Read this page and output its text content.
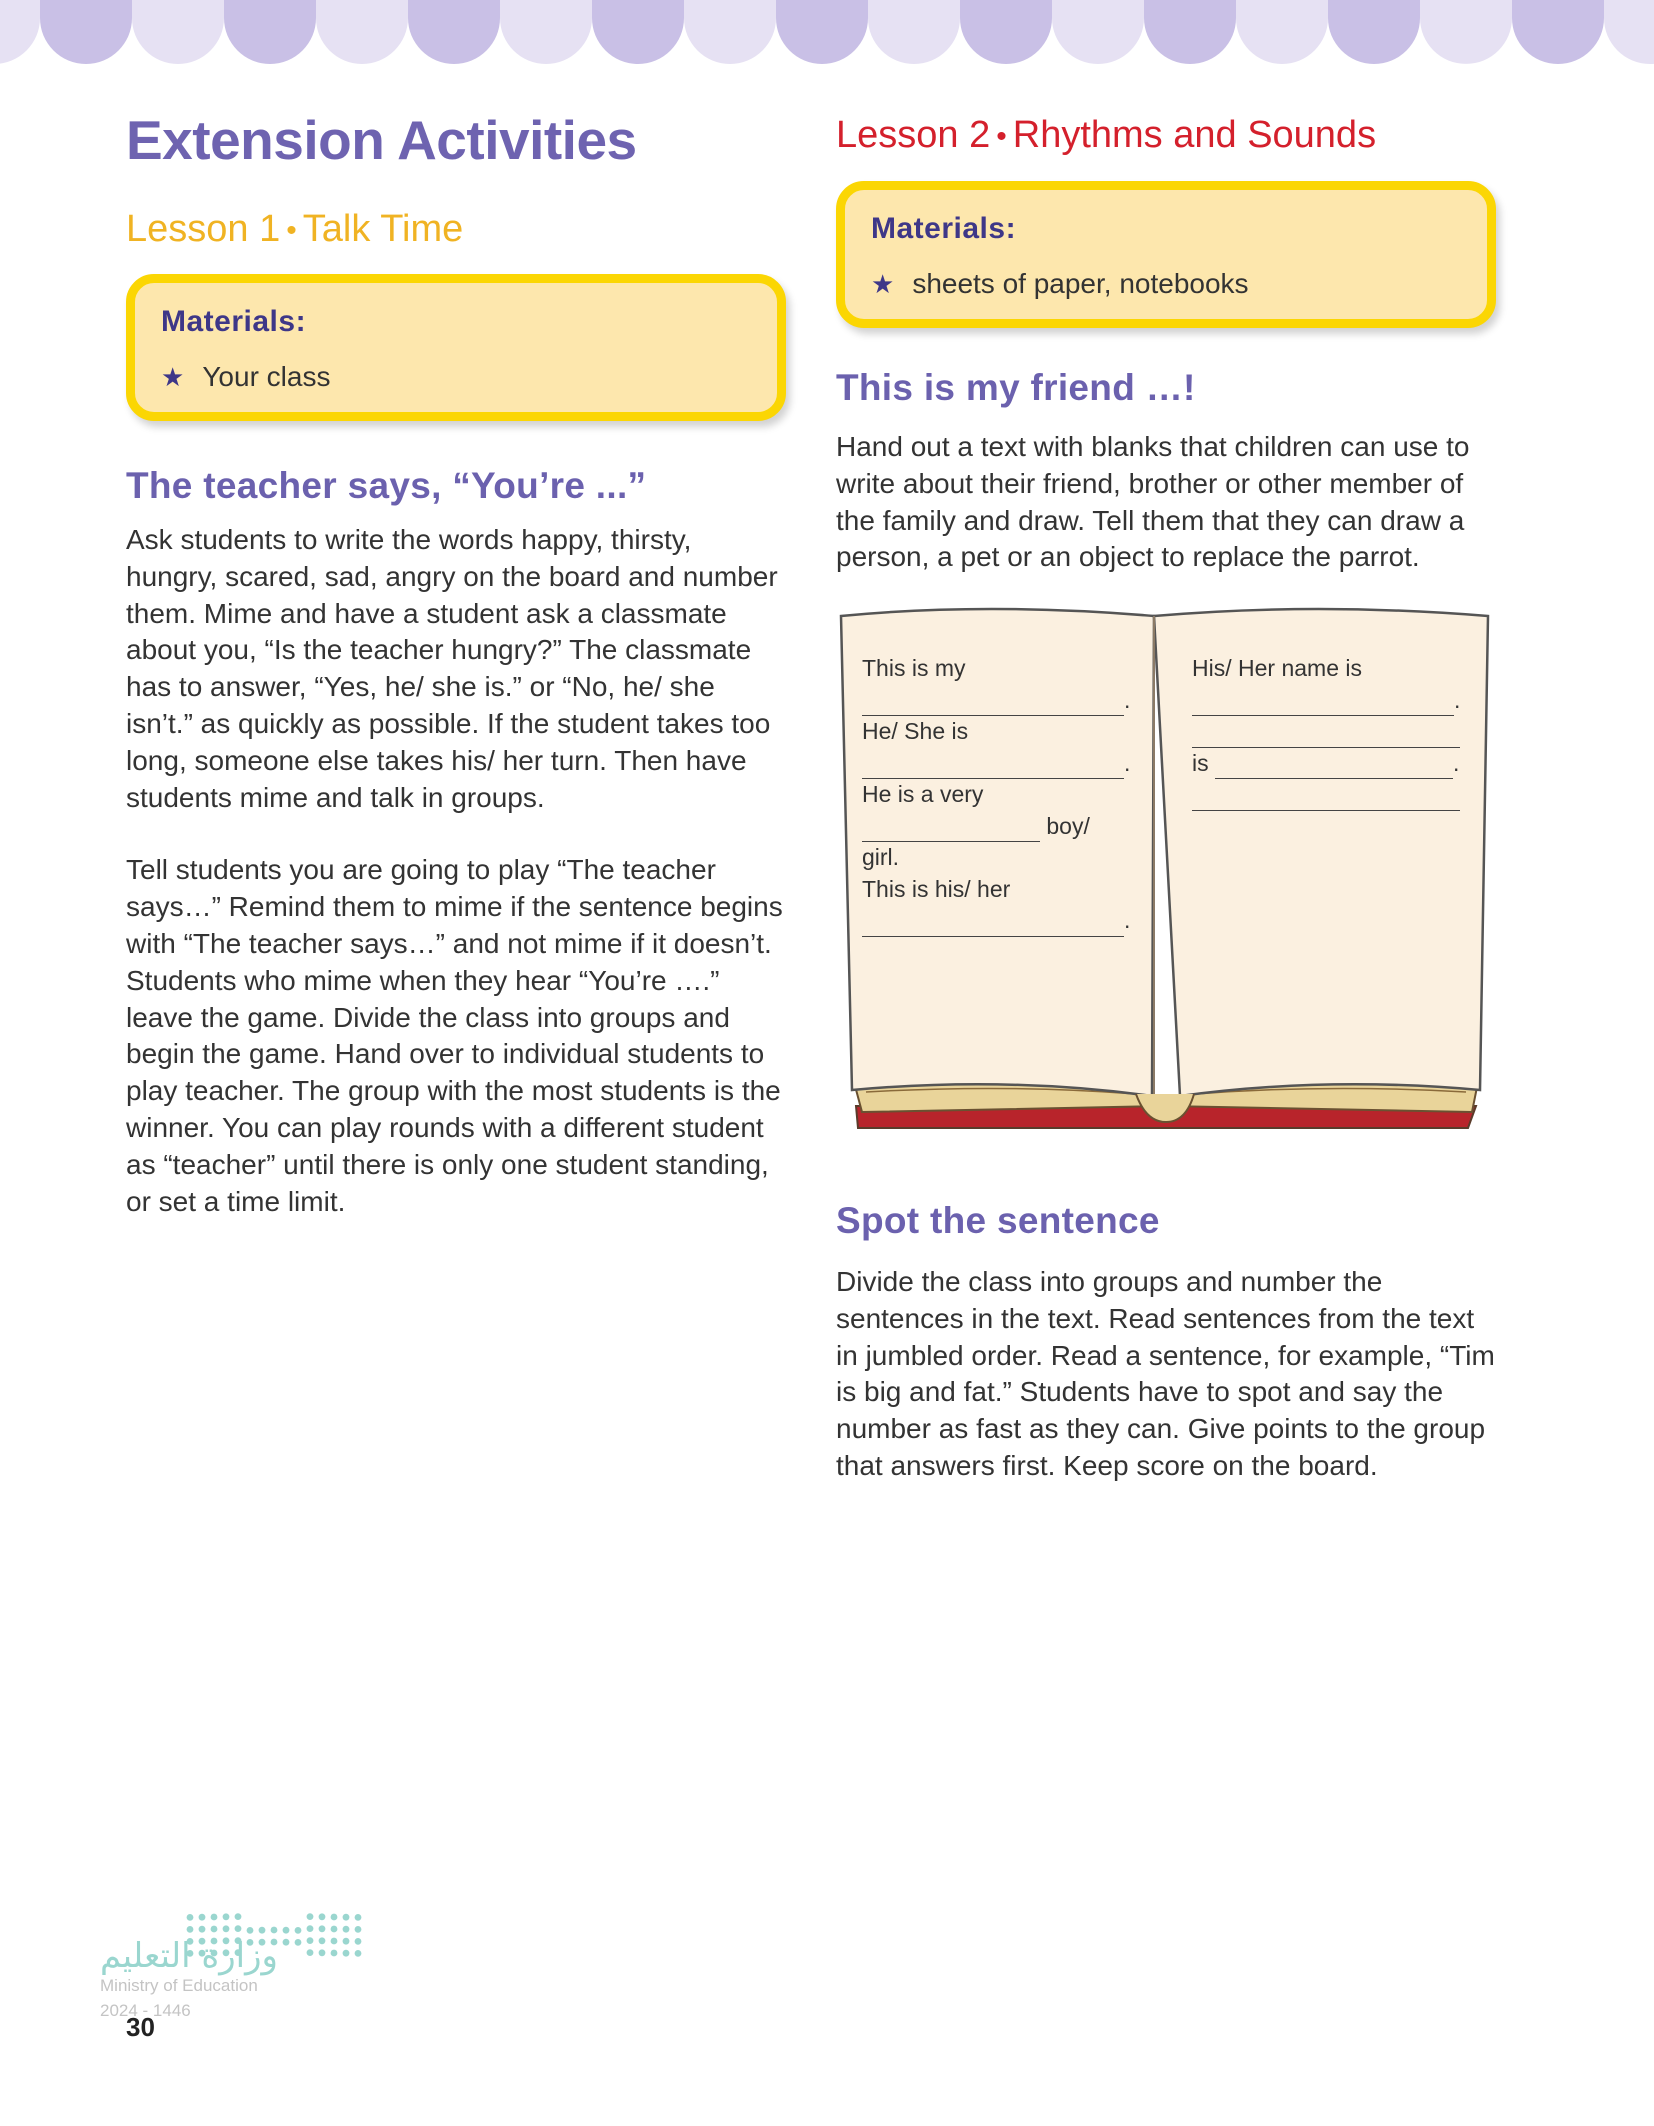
Extension Activities
Lesson 1 • Talk Time

Materials:

★ Your class

The teacher says, “You’re ...”

Ask students to write the words happy, thirsty, hungry, scared, sad, angry on the board and number them. Mime and have a student ask a classmate about you, “Is the teacher hungry?” The classmate has to answer, “Yes, he/ she is.” or “No, he/ she isn’t.” as quickly as possible. If the student takes too long, someone else takes his/ her turn. Then have students mime and talk in groups.

Tell students you are going to play “The teacher says…” Remind them to mime if the sentence begins with “The teacher says…” and not mime if it doesn’t. Students who mime when they hear “You’re ….” leave the game. Divide the class into groups and begin the game. Hand over to individual students to play teacher. The group with the most students is the winner. You can play rounds with a different student as “teacher” until there is only one student standing, or set a time limit.

Lesson 2 • Rhythms and Sounds

Materials:

★ sheets of paper, notebooks

This is my friend …!

Hand out a text with blanks that children can use to write about their friend, brother or other member of the family and draw. Tell them that they can draw a person, a pet or an object to replace the parrot.

This is my
.
He/ She is
.
He is a very
boy/ girl.
This is his/ her
.
His/ Her name is
.
is	.
Spot the sentence

Divide the class into groups and number the sentences in the text. Read sentences from the text in jumbled order. Read a sentence, for example, “Tim is big and fat.” Students have to spot and say the number as fast as they can. Give points to the group that answers first. Keep score on the board.

وزارة التعليم
Ministry of Education
2024 - 1446
30
